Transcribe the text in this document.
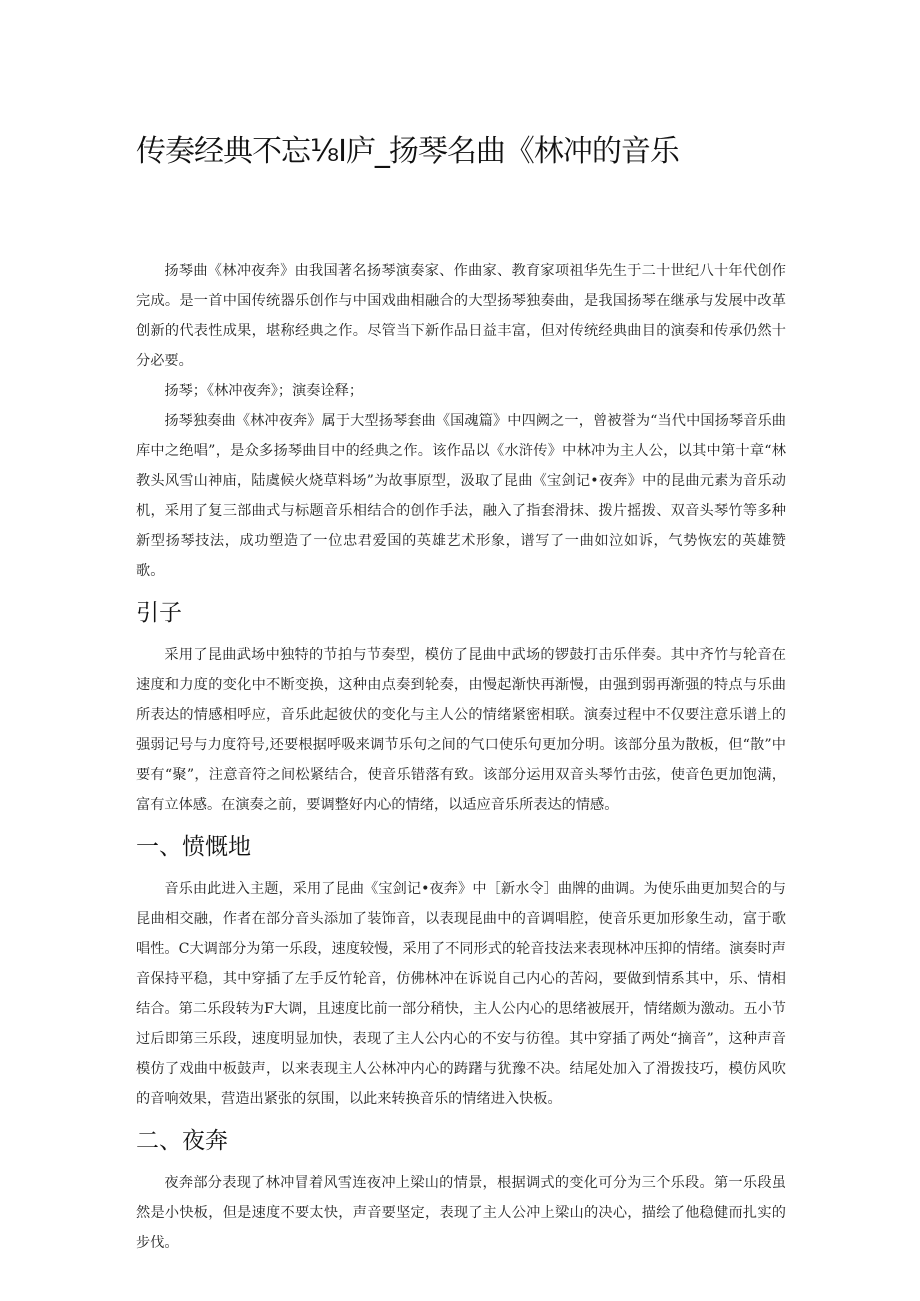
传奏经典不忘⅛I庐_扬琴名曲《林冲的音乐

扬琴曲《林冲夜奔》由我国著名扬琴演奏家、作曲家、教育家项祖华先生于二十世纪八十年代创作完成。是一首中国传统器乐创作与中国戏曲相融合的大型扬琴独奏曲，是我国扬琴在继承与发展中改革创新的代表性成果，堪称经典之作。尽管当下新作品日益丰富，但对传统经典曲目的演奏和传承仍然十分必要。

扬琴；《林冲夜奔》；演奏诠释；

扬琴独奏曲《林冲夜奔》属于大型扬琴套曲《国魂篇》中四阙之一，曾被誉为“当代中国扬琴音乐曲库中之绝唱”，是众多扬琴曲目中的经典之作。该作品以《水浒传》中林冲为主人公，以其中第十章“林教头风雪山神庙，陆虞候火烧草料场”为故事原型，汲取了昆曲《宝剑记•夜奔》中的昆曲元素为音乐动机，采用了复三部曲式与标题音乐相结合的创作手法，融入了指套滑抹、拨片摇拨、双音头琴竹等多种新型扬琴技法，成功塑造了一位忠君爱国的英雄艺术形象，谱写了一曲如泣如诉，气势恢宏的英雄赞歌。

引子

采用了昆曲武场中独特的节拍与节奏型，模仿了昆曲中武场的锣鼓打击乐伴奏。其中齐竹与轮音在速度和力度的变化中不断变换，这种由点奏到轮奏，由慢起渐快再渐慢，由强到弱再渐强的特点与乐曲所表达的情感相呼应，音乐此起彼伏的变化与主人公的情绪紧密相联。演奏过程中不仅要注意乐谱上的强弱记号与力度符号,还要根据呼吸来调节乐句之间的气口使乐句更加分明。该部分虽为散板，但“散”中要有“聚”，注意音符之间松紧结合，使音乐错落有致。该部分运用双音头琴竹击弦，使音色更加饱满，富有立体感。在演奏之前，要调整好内心的情绪，以适应音乐所表达的情感。

一、愤慨地

音乐由此进入主题，采用了昆曲《宝剑记•夜奔》中［新水令］曲牌的曲调。为使乐曲更加契合的与昆曲相交融，作者在部分音头添加了装饰音，以表现昆曲中的音调唱腔，使音乐更加形象生动，富于歌唱性。C大调部分为第一乐段，速度较慢，采用了不同形式的轮音技法来表现林冲压抑的情绪。演奏时声音保持平稳，其中穿插了左手反竹轮音，仿佛林冲在诉说自己内心的苦闷，要做到情系其中，乐、情相结合。第二乐段转为F大调，且速度比前一部分稍快，主人公内心的思绪被展开，情绪颇为激动。五小节过后即第三乐段，速度明显加快，表现了主人公内心的不安与彷徨。其中穿插了两处“摘音”，这种声音模仿了戏曲中板鼓声，以来表现主人公林冲内心的踌躇与犹豫不决。结尾处加入了滑拨技巧，模仿风吹的音响效果，营造出紧张的氛围，以此来转换音乐的情绪进入快板。

二、夜奔

夜奔部分表现了林冲冒着风雪连夜冲上梁山的情景，根据调式的变化可分为三个乐段。第一乐段虽然是小快板，但是速度不要太快，声音要坚定，表现了主人公冲上梁山的决心，描绘了他稳健而扎实的步伐。
